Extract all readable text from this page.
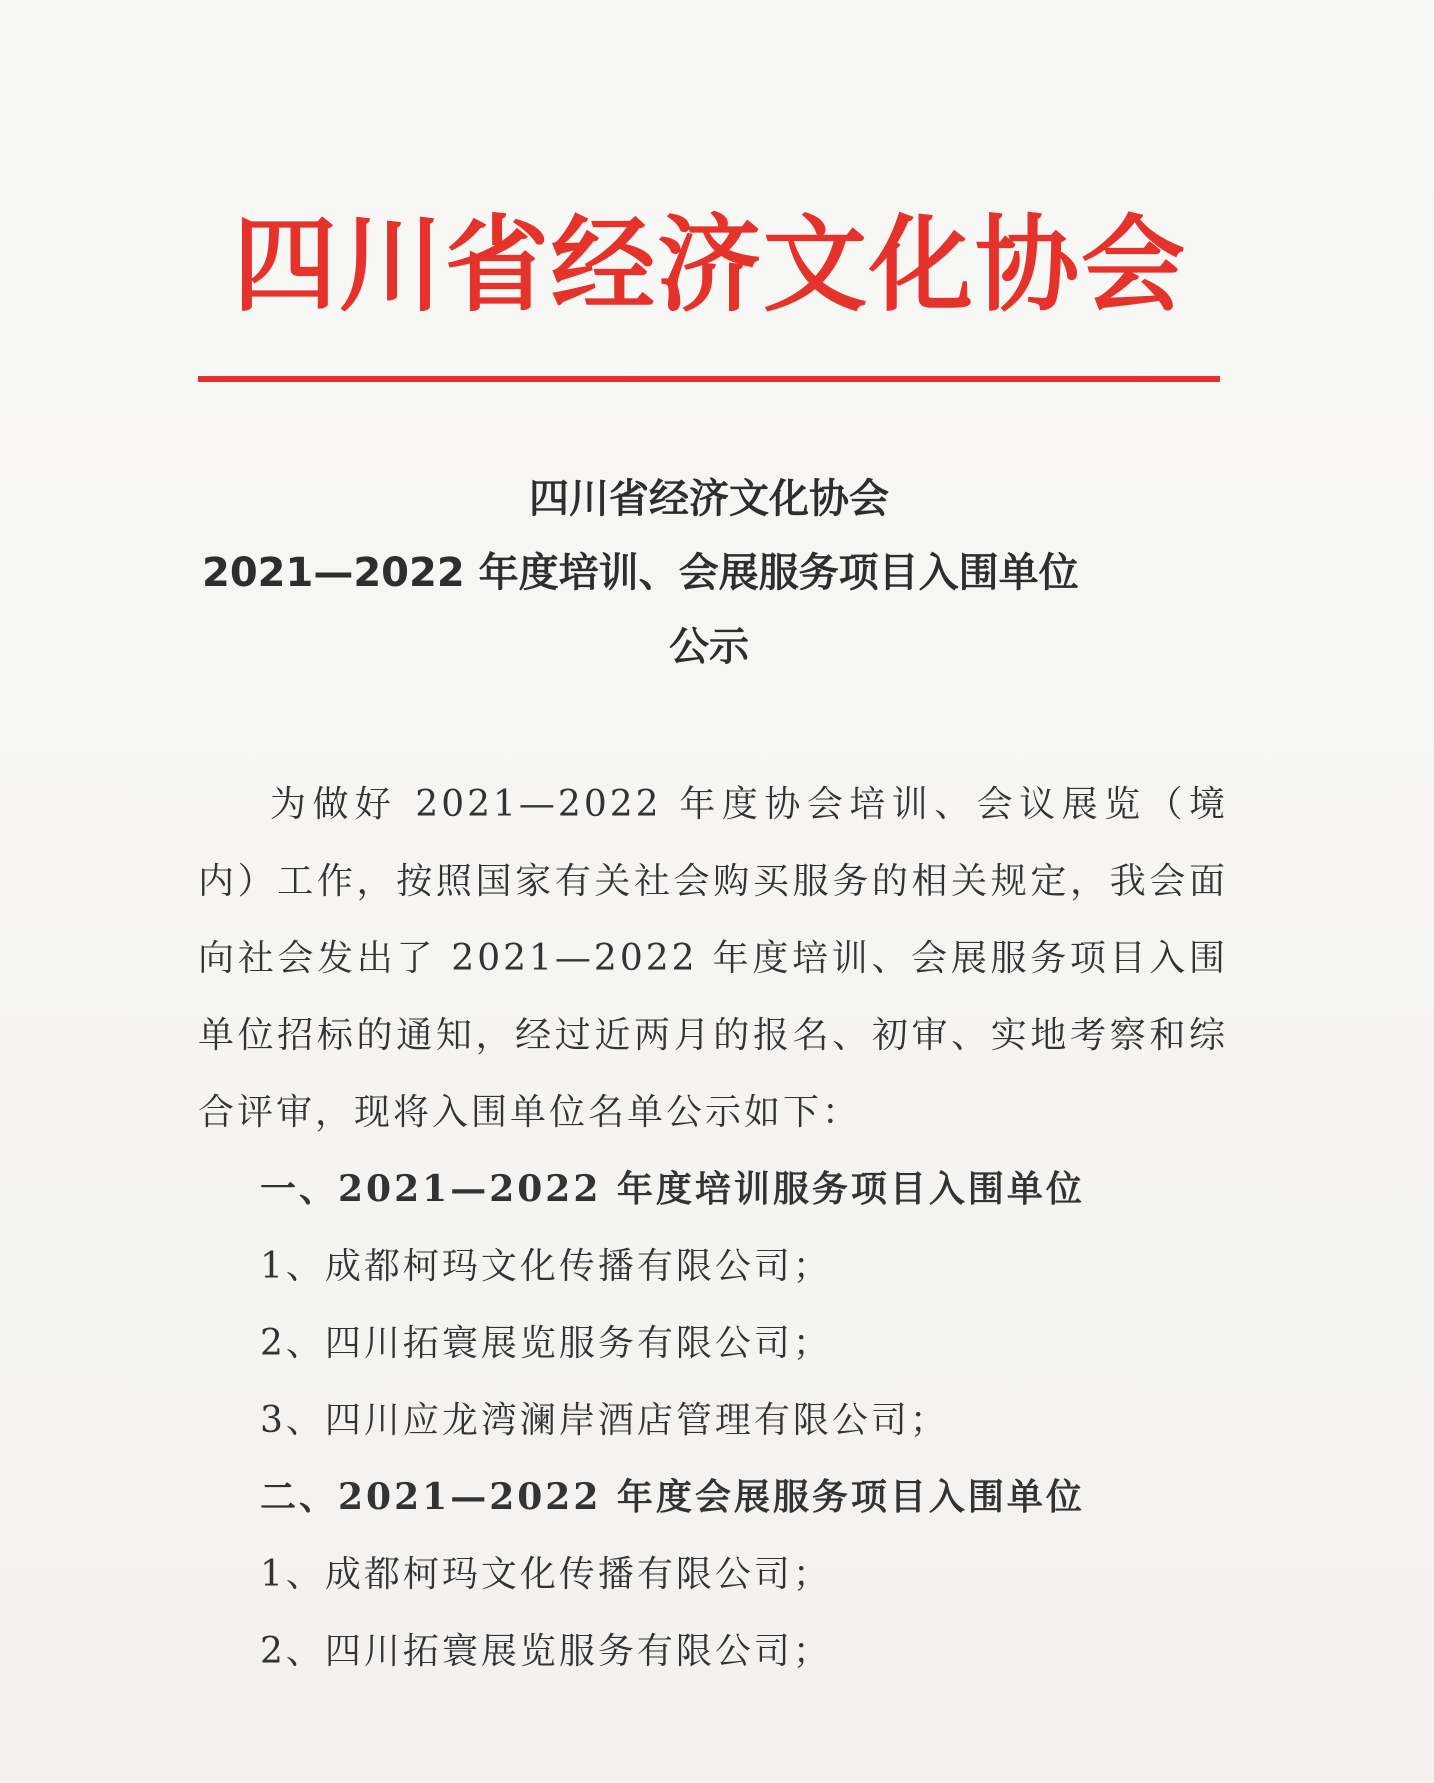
四川省经济文化协会

四川省经济文化协会

2021—2022 年度培训、会展服务项目入围单位

公示

为做好 2021—2022 年度协会培训、会议展览（境内）工作，按照国家有关社会购买服务的相关规定，我会面向社会发出了 2021—2022 年度培训、会展服务项目入围单位招标的通知，经过近两月的报名、初审、实地考察和综合评审，现将入围单位名单公示如下：

一、2021—2022 年度培训服务项目入围单位

1、成都柯玛文化传播有限公司；

2、四川拓寰展览服务有限公司；

3、四川应龙湾澜岸酒店管理有限公司；

二、2021—2022 年度会展服务项目入围单位

1、成都柯玛文化传播有限公司；

2、四川拓寰展览服务有限公司；
